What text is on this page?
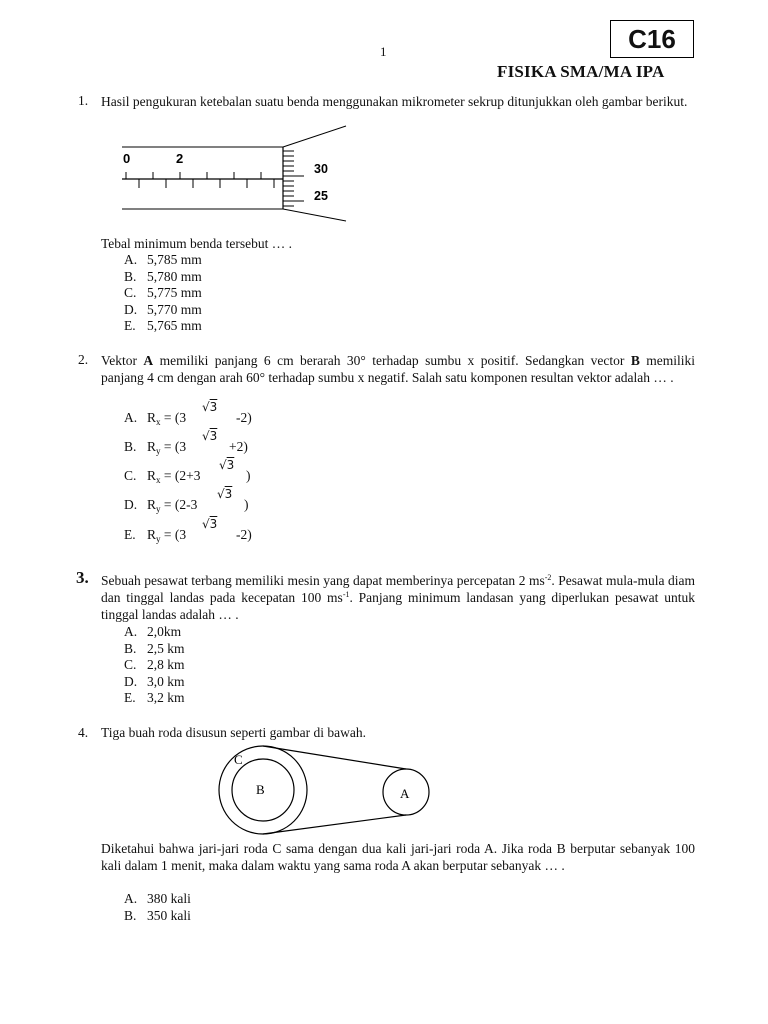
1	C16
FISIKA SMA/MA IPA
1. Hasil pengukuran ketebalan suatu benda menggunakan mikrometer sekrup ditunjukkan oleh gambar berikut.
0	2
30
25
Tebal minimum benda tersebut … .
A. 5,785 mm
B. 5,780 mm
C. 5,775 mm
D. 5,770 mm
E. 5,765 mm
2. Vektor A memiliki panjang 6 cm berarah 30° terhadap sumbu x positif. Sedangkan vector B memiliki panjang 4 cm dengan arah 60° terhadap sumbu x negatif. Salah satu komponen resultan vektor adalah … .
A. $R_x = (3$
√3
-2)
B. $R_y = (3$
√3
+2)
C. $R_x = (2+3$
√3
)
D. $R_y = (2-3$
√3
)
E. $R_y = (3$
√3
-2)
3. Sebuah pesawat terbang memiliki mesin yang dapat memberinya percepatan 2 $ms^{-2}$. Pesawat mula-mula diam dan tinggal landas pada kecepatan 100 $ms^{-1}$. Panjang minimum landasan yang diperlukan pesawat untuk tinggal landas adalah … .
A. 2,0km
B. 2,5 km
C. 2,8 km
D. 3,0 km
E. 3,2 km
4. Tiga buah roda disusun seperti gambar di bawah.
C
B	A
Diketahui bahwa jari-jari roda C sama dengan dua kali jari-jari roda A. Jika roda B berputar sebanyak 100 kali dalam 1 menit, maka dalam waktu yang sama roda A akan berputar sebanyak … .
A. 380 kali
B. 350 kali
